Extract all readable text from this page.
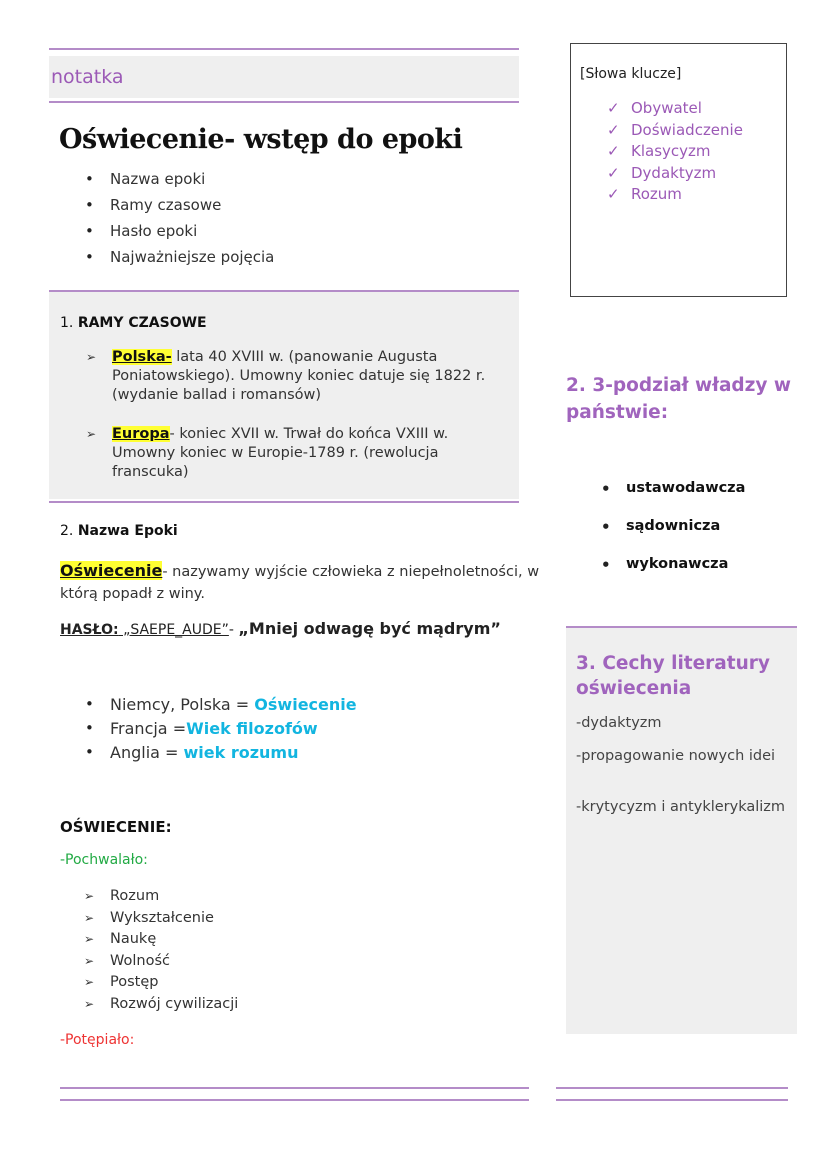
notatka
Oświecenie- wstęp do epoki
• Nazwa epoki
• Ramy czasowe
• Hasło epoki
• Najważniejsze pojęcia
1. RAMY CZASOWE
➢ Polska- lata 40 XVIII w. (panowanie Augusta Poniatowskiego). Umowny koniec datuje się 1822 r. (wydanie ballad i romansów)
➢ Europa- koniec XVII w. Trwał do końca VXIII w. Umowny koniec w Europie-1789 r. (rewolucja franscuka)
2. Nazwa Epoki
Oświecenie- nazywamy wyjście człowieka z niepełnoletności, w którą popadł z winy.
HASŁO: „SAEPE_AUDE”- „Mniej odwagę być mądrym”
• Niemcy, Polska = Oświecenie
• Francja =Wiek filozofów
• Anglia = wiek rozumu
OŚWIECENIE:
-Pochwalało:
➢ Rozum
➢ Wykształcenie
➢ Naukę
➢ Wolność
➢ Postęp
➢ Rozwój cywilizacji
-Potępiało:
[Słowa klucze]
✓ Obywatel
✓ Doświadczenie
✓ Klasycyzm
✓ Dydaktyzm
✓ Rozum
2. 3-podział władzy w państwie:
• ustawodawcza
• sądownicza
• wykonawcza
3. Cechy literatury oświecenia
-dydaktyzm
-propagowanie nowych idei
-krytycyzm i antyklerykalizm
